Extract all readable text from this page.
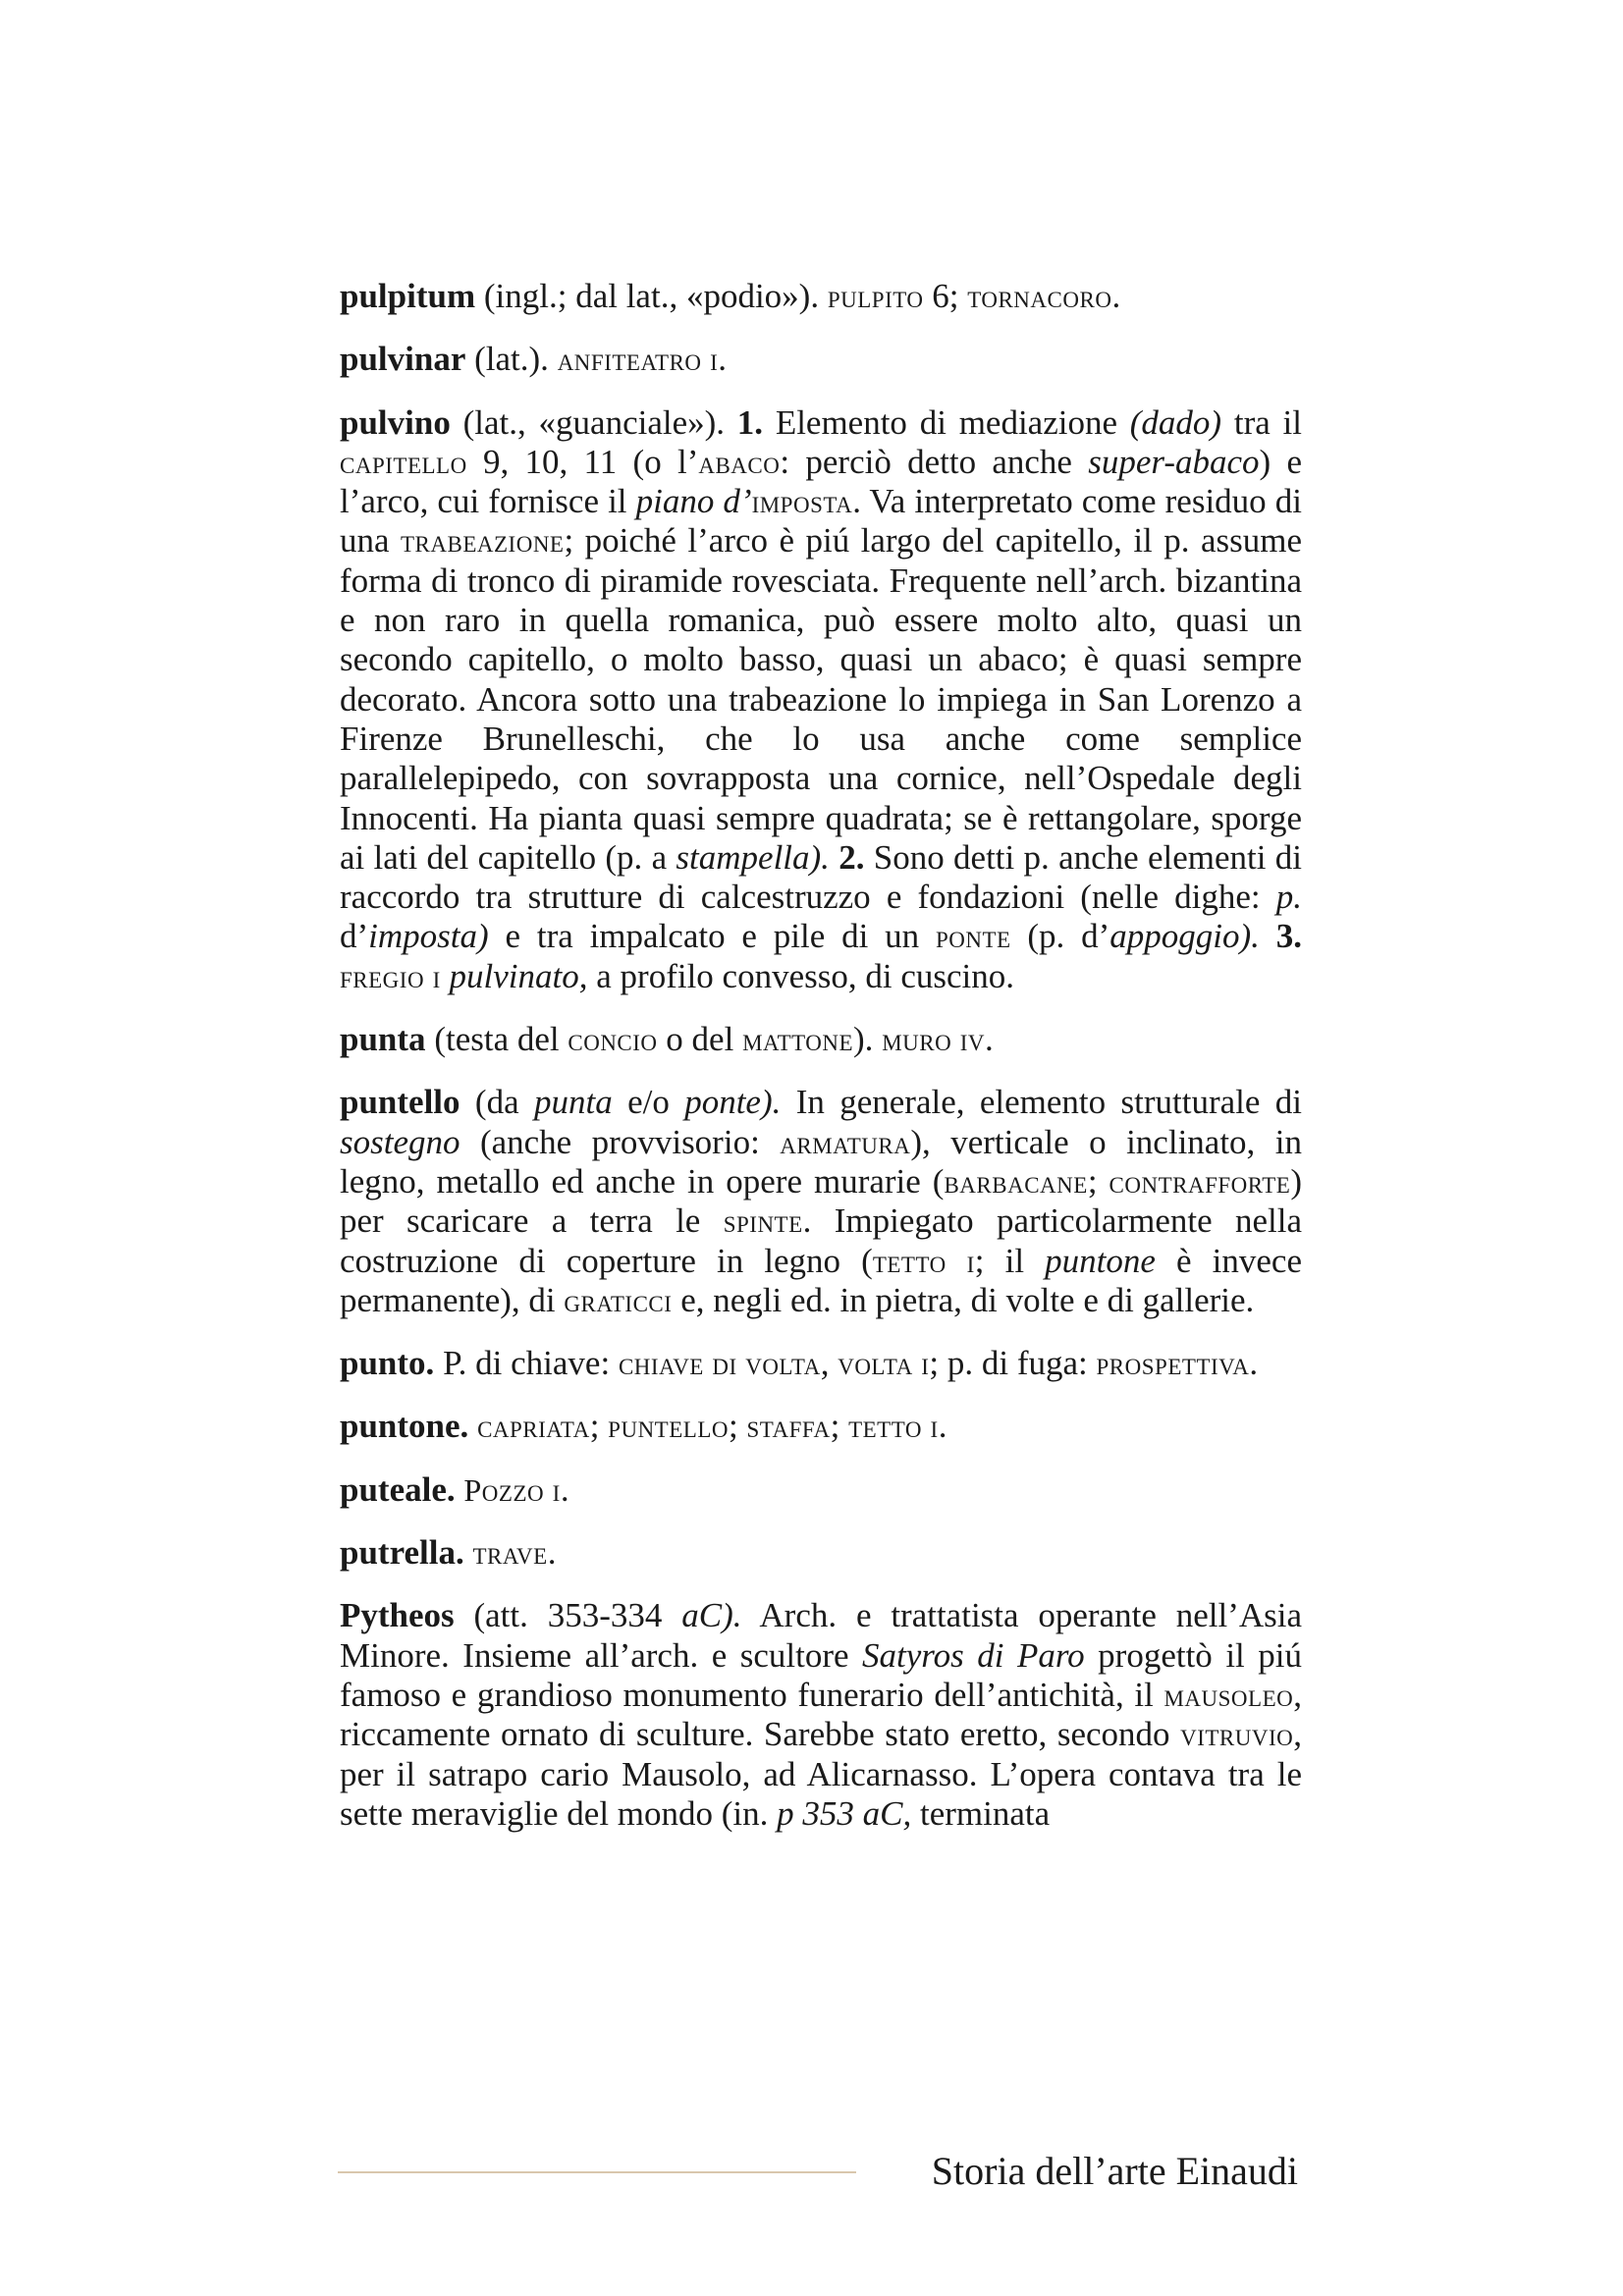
pulpitum (ingl.; dal lat., «podio»). pulpito 6; tornacoro.

pulvinar (lat.). anfiteatro i.

pulvino (lat., «guanciale»). 1. Elemento di mediazione (dado) tra il capitello 9, 10, 11 (o l’abaco: perciò detto anche super-abaco) e l’arco, cui fornisce il piano d’imposta. Va interpretato come residuo di una trabeazione; poiché l’arco è piú largo del capitello, il p. assume forma di tronco di piramide rovesciata. Frequente nell’arch. bizantina e non raro in quella romanica, può essere molto alto, quasi un secondo capitello, o molto basso, quasi un abaco; è quasi sempre decorato. Ancora sotto una trabeazione lo impiega in San Lorenzo a Firenze Brunelleschi, che lo usa anche come semplice parallelepipedo, con sovrapposta una cornice, nell’Ospedale degli Innocenti. Ha pianta quasi sempre quadrata; se è rettangolare, sporge ai lati del capitello (p. a stampella). 2. Sono detti p. anche elementi di raccordo tra strutture di calcestruzzo e fondazioni (nelle dighe: p. d’imposta) e tra impalcato e pile di un ponte (p. d’appoggio). 3. fregio i pulvinato, a profilo convesso, di cuscino.

punta (testa del concio o del mattone). muro iv.

puntello (da punta e/o ponte). In generale, elemento strutturale di sostegno (anche provvisorio: armatura), verticale o inclinato, in legno, metallo ed anche in opere murarie (barbacane; contrafforte) per scaricare a terra le spinte. Impiegato particolarmente nella costruzione di coperture in legno (tetto i; il puntone è invece permanente), di graticci e, negli ed. in pietra, di volte e di gallerie.

punto. P. di chiave: chiave di volta, volta i; p. di fuga: prospettiva.

puntone. capriata; puntello; staffa; tetto i.

puteale. Pozzo i.

putrella. trave.

Pytheos (att. 353-334 aC). Arch. e trattatista operante nell’Asia Minore. Insieme all’arch. e scultore Satyros di Paro progettò il piú famoso e grandioso monumento funerario dell’antichità, il mausoleo, riccamente ornato di sculture. Sarebbe stato eretto, secondo vitruvio, per il satrapo cario Mausolo, ad Alicarnasso. L’opera contava tra le sette meraviglie del mondo (in. p 353 aC, terminata

Storia dell’arte Einaudi
